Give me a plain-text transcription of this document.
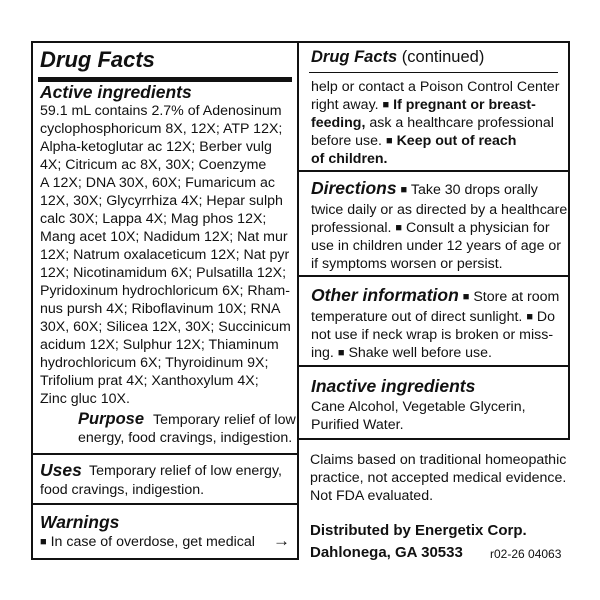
Drug Facts
Active ingredients
59.1 mL contains 2.7% of Adenosinum
cyclophosphoricum 8X, 12X; ATP 12X;
Alpha-ketoglutar ac 12X; Berber vulg
4X; Citricum ac 8X, 30X; Coenzyme
A 12X; DNA 30X, 60X; Fumaricum ac
12X, 30X; Glycyrrhiza 4X; Hepar sulph
calc 30X; Lappa 4X; Mag phos 12X;
Mang acet 10X; Nadidum 12X; Nat mur
12X; Natrum oxalaceticum 12X; Nat pyr
12X; Nicotinamidum 6X; Pulsatilla 12X;
Pyridoxinum hydrochloricum 6X; Rham-
nus pursh 4X; Riboflavinum 10X; RNA
30X, 60X; Silicea 12X, 30X; Succinicum
acidum 12X; Sulphur 12X; Thiaminum
hydrochloricum 6X; Thyroidinum 9X;
Trifolium prat 4X; Xanthoxylum 4X;
Zinc gluc 10X.
Purpose Temporary relief of low
energy, food cravings, indigestion.
Uses Temporary relief of low energy,
food cravings, indigestion.
Warnings
■ In case of overdose, get medical →
Drug Facts (continued)
help or contact a Poison Control Center
right away. ■ If pregnant or breast-
feeding, ask a healthcare professional
before use. ■ Keep out of reach
of children.
Directions ■ Take 30 drops orally
twice daily or as directed by a healthcare
professional. ■ Consult a physician for
use in children under 12 years of age or
if symptoms worsen or persist.
Other information ■ Store at room
temperature out of direct sunlight. ■ Do
not use if neck wrap is broken or miss-
ing. ■ Shake well before use.
Inactive ingredients
Cane Alcohol, Vegetable Glycerin,
Purified Water.
Claims based on traditional homeopathic
practice, not accepted medical evidence.
Not FDA evaluated.
Distributed by Energetix Corp.
Dahlonega, GA 30533 r02-26 04063
